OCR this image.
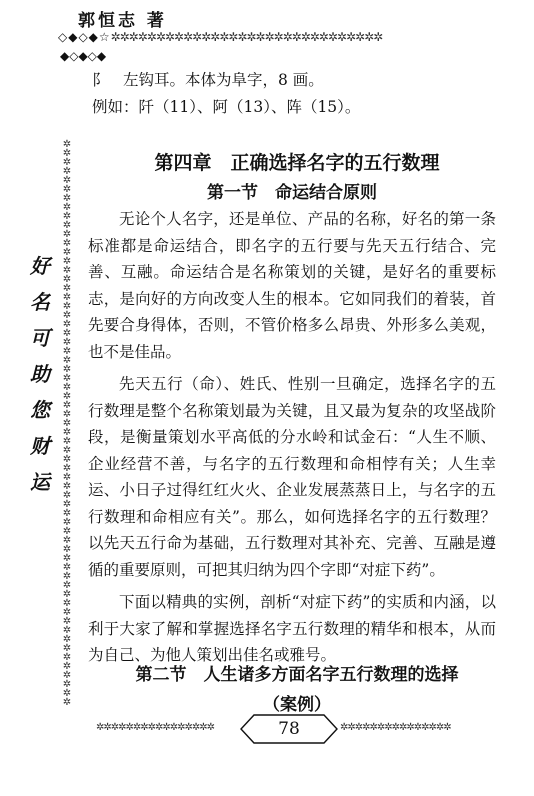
郭恒志 著
◇◆◇◆☆✲✲✲✲✲✲✲✲✲✲✲✲✲✲✲✲✲✲✲✲✲✲✲✲✲✲✲✲✲✲
◆◇◆◇◆
✲✲✲✲✲✲✲✲✲✲✲✲✲✲✲✲✲✲✲✲✲✲✲✲✲✲✲✲✲✲✲✲✲✲✲✲✲✲✲✲✲✲✲✲✲✲✲✲✲✲✲✲✲✲✲✲✲✲✲✲✲✲✲
好
名
可
助
您
财
运
阝　左钩耳。本体为阜字，8 画。
例如：阡（11）、阿（13）、阵（15）。
第四章　正确选择名字的五行数理
第一节　命运结合原则

无论个人名字，还是单位、产品的名称，好名的第一条标准都是命运结合，即名字的五行要与先天五行结合、完善、互融。命运结合是名称策划的关键，是好名的重要标志，是向好的方向改变人生的根本。它如同我们的着装，首先要合身得体，否则，不管价格多么昂贵、外形多么美观，也不是佳品。

先天五行（命）、姓氏、性别一旦确定，选择名字的五行数理是整个名称策划最为关键，且又最为复杂的攻坚战阶段，是衡量策划水平高低的分水岭和试金石：“人生不顺、企业经营不善，与名字的五行数理和命相悖有关；人生幸运、小日子过得红红火火、企业发展蒸蒸日上，与名字的五行数理和命相应有关”。那么，如何选择名字的五行数理？以先天五行命为基础，五行数理对其补充、完善、互融是遵循的重要原则，可把其归纳为四个字即“对症下药”。

下面以精典的实例，剖析“对症下药”的实质和内涵，以利于大家了解和掌握选择名字五行数理的精华和根本，从而为自己、为他人策划出佳名或雅号。

第二节　人生诸多方面名字五行数理的选择
（案例）
✲✲✲✲✲✲✲✲✲✲✲✲✲✲✲✲	✲✲✲✲✲✲✲✲✲✲✲✲✲✲✲
78
